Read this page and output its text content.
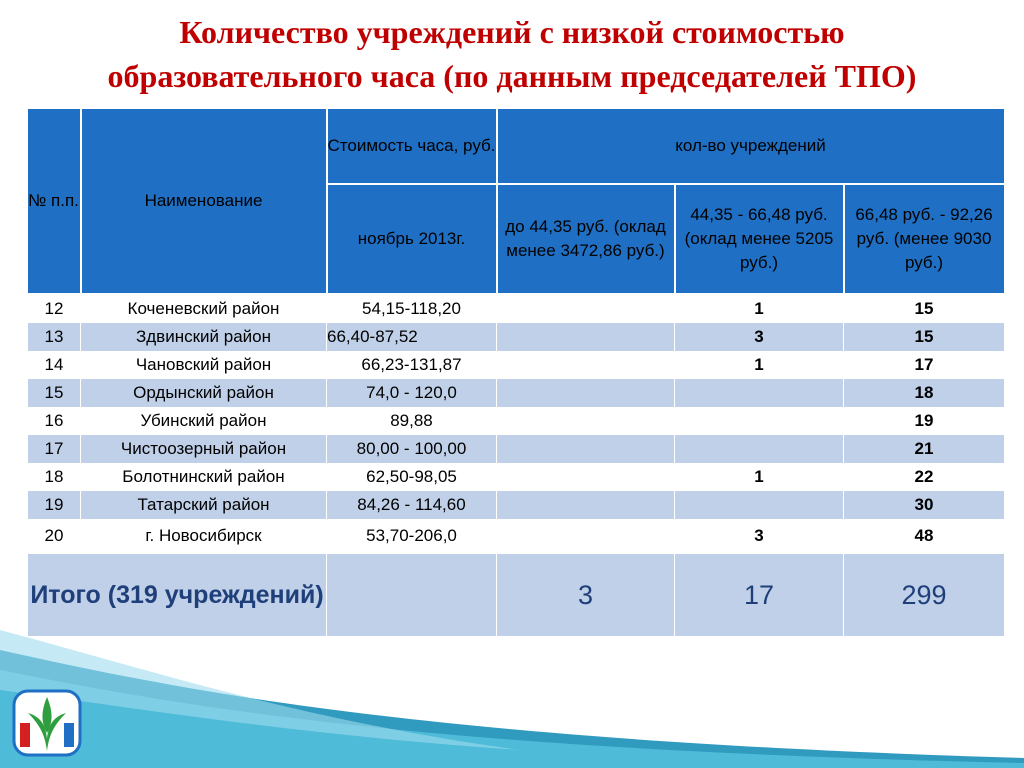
Количество учреждений с низкой стоимостью
образовательного часа (по данным председателей ТПО)
№ п.п.	Наименование	Стоимость часа, руб.	кол-во учреждений		
		ноябрь 2013г.	до 44,35 руб. (оклад менее 3472,86 руб.)	44,35 - 66,48 руб. (оклад менее 5205 руб.)	66,48 руб. - 92,26 руб. (менее 9030 руб.)
12	Коченевский район	54,15-118,20		1	15
13	Здвинский район	66,40-87,52		3	15
14	Чановский район	66,23-131,87		1	17
15	Ордынский район	74,0 - 120,0			18
16	Убинский район	89,88			19
17	Чистоозерный район	80,00 - 100,00			21
18	Болотнинский район	62,50-98,05		1	22
19	Татарский район	84,26 - 114,60			30
20	г. Новосибирск	53,70-206,0		3	48
Итого (319 учреждений)			3	17	299
